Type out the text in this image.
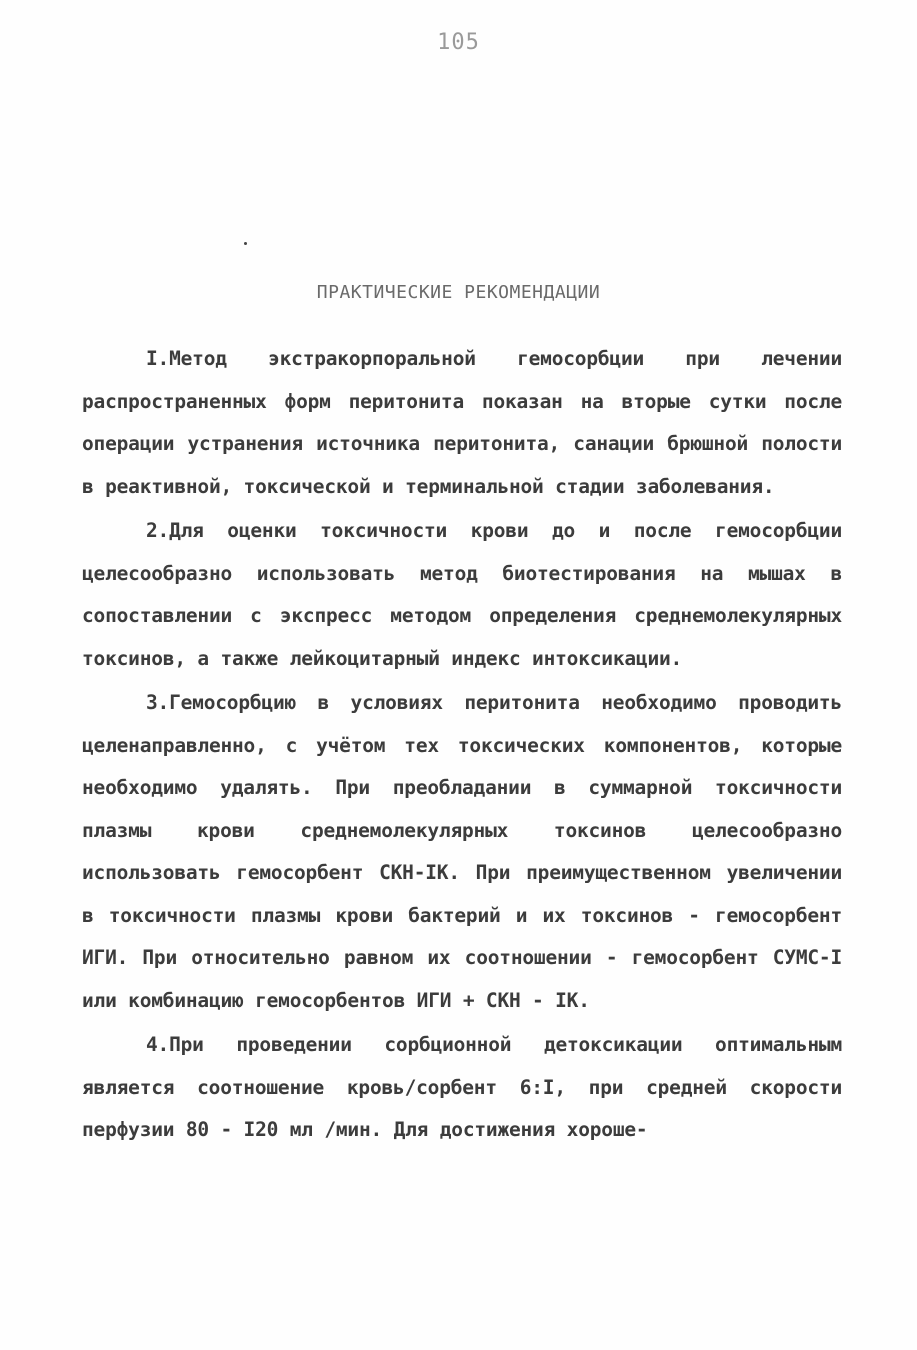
105
ПРАКТИЧЕСКИЕ РЕКОМЕНДАЦИИ

I.Метод экстракорпоральной гемосорбции при лечении распространенных форм перитонита показан на вторые сутки после операции устранения источника перитонита, санации брюшной полости в реактивной, токсической и терминальной стадии заболевания.

2.Для оценки токсичности крови до и после гемосорбции целесообразно использовать метод биотестирования на мышах в сопоставлении с экспресс методом определения среднемолекулярных токсинов, а также лейкоцитарный индекс интоксикации.

3.Гемосорбцию в условиях перитонита необходимо проводить целенаправленно, с учётом тех токсических компонентов, которые необходимо удалять. При преобладании в суммарной токсичности плазмы крови среднемолекулярных токсинов целесообразно использовать гемосорбент СКН-IК. При преимущественном увеличении в токсичности плазмы крови бактерий и их токсинов - гемосорбент ИГИ. При относительно равном их соотношении - гемосорбент СУМС-I или комбинацию гемосорбентов ИГИ + СКН - IК.

4.При проведении сорбционной детоксикации оптимальным является соотношение кровь/сорбент 6:I, при средней скорости перфузии 80 - I20 мл /мин. Для достижения хороше-
